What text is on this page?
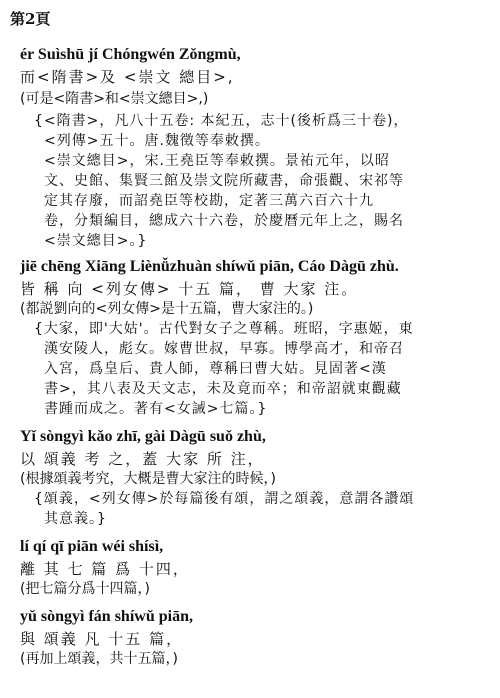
第2頁
ér Suìshū jí Chóngwén Zǒngmù,
而<隋書>及 <崇文 總目>,
(可是<隋書>和<崇文總目>,)
{<隋書>，凡八十五卷: 本紀五，志十(後析爲三十卷)，
<列傳>五十。唐.魏徵等奉敕撰。
<崇文總目>，宋.王堯臣等奉敕撰。景祐元年，以昭
文、史館、集賢三館及崇文院所藏書，命張觀、宋祁等
定其存廢，而詔堯臣等校勘，定著三萬六百六十九
卷，分類編目，總成六十六卷，於慶曆元年上之，賜名
<崇文總目>。}
jiē chēng Xiāng Liènǚzhuàn shíwǔ piān, Cáo Dàgū zhù.
皆 稱 向 <列女傳> 十五 篇， 曹 大家 注。
(都説劉向的<列女傳>是十五篇，曹大家注的。)
{大家，即'大姑'。古代對女子之尊稱。班昭，字惠姬，東
漢安陵人，彪女。嫁曹世叔，早寡。博學高才，和帝召
入宮，爲皇后、貴人師，尊稱曰曹大姑。見固著<漢
書>，其八表及天文志，未及竟而卒；和帝詔就東觀藏
書踵而成之。著有<女誡>七篇。}
Yǐ sòngyì kǎo zhī, gài Dàgū suǒ zhù,
以 頌義 考 之，蓋 大家 所 注，
(根據頌義考究，大概是曹大家注的時候，)
{頌義，<列女傳>於每篇後有頌，謂之頌義，意謂各讚頌
其意義。}
lí qí qī piān wéi shísì,
離 其 七 篇 爲 十四，
(把七篇分爲十四篇，)
yǔ sòngyì fán shíwǔ piān,
與 頌義 凡 十五 篇，
(再加上頌義，共十五篇，)
